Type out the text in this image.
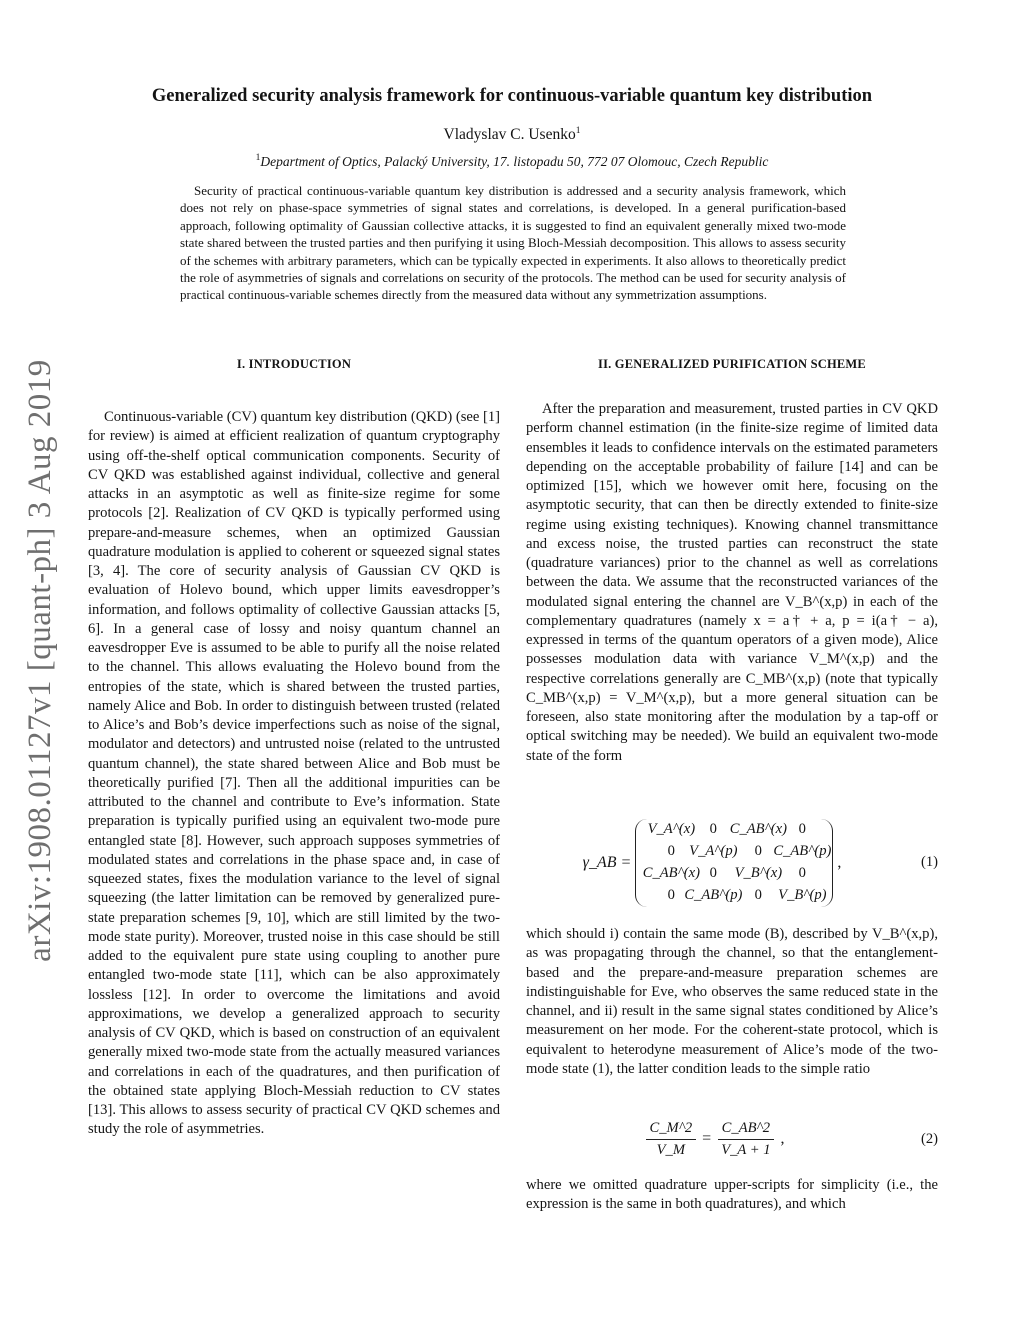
arXiv:1908.01127v1 [quant-ph] 3 Aug 2019
Generalized security analysis framework for continuous-variable quantum key distribution

Vladyslav C. Usenko$^1$

$^1$Department of Optics, Palacký University, 17. listopadu 50, 772 07 Olomouc, Czech Republic

Security of practical continuous-variable quantum key distribution is addressed and a security analysis framework, which does not rely on phase-space symmetries of signal states and correlations, is developed. In a general purification-based approach, following optimality of Gaussian collective attacks, it is suggested to find an equivalent generally mixed two-mode state shared between the trusted parties and then purifying it using Bloch-Messiah decomposition. This allows to assess security of the schemes with arbitrary parameters, which can be typically expected in experiments. It also allows to theoretically predict the role of asymmetries of signals and correlations on security of the protocols. The method can be used for security analysis of practical continuous-variable schemes directly from the measured data without any symmetrization assumptions.

I. INTRODUCTION

Continuous-variable (CV) quantum key distribution (QKD) (see [1] for review) is aimed at efficient realization of quantum cryptography using off-the-shelf optical communication components. Security of CV QKD was established against individual, collective and general attacks in an asymptotic as well as finite-size regime for some protocols [2]. Realization of CV QKD is typically performed using prepare-and-measure schemes, when an optimized Gaussian quadrature modulation is applied to coherent or squeezed signal states [3, 4]. The core of security analysis of Gaussian CV QKD is evaluation of Holevo bound, which upper limits eavesdropper’s information, and follows optimality of collective Gaussian attacks [5, 6]. In a general case of lossy and noisy quantum channel an eavesdropper Eve is assumed to be able to purify all the noise related to the channel. This allows evaluating the Holevo bound from the entropies of the state, which is shared between the trusted parties, namely Alice and Bob. In order to distinguish between trusted (related to Alice’s and Bob’s device imperfections such as noise of the signal, modulator and detectors) and untrusted noise (related to the untrusted quantum channel), the state shared between Alice and Bob must be theoretically purified [7]. Then all the additional impurities can be attributed to the channel and contribute to Eve’s information. State preparation is typically purified using an equivalent two-mode pure entangled state [8]. However, such approach supposes symmetries of modulated states and correlations in the phase space and, in case of squeezed states, fixes the modulation variance to the level of signal squeezing (the latter limitation can be removed by generalized pure-state preparation schemes [9, 10], which are still limited by the two-mode state purity). Moreover, trusted noise in this case should be still added to the equivalent pure state using coupling to another pure entangled two-mode state [11], which can be also approximately lossless [12]. In order to overcome the limitations and avoid approximations, we develop a generalized approach to security analysis of CV QKD, which is based on construction of an equivalent generally mixed two-mode state from the actually measured variances and correlations in each of the quadratures, and then purification of the obtained state applying Bloch-Messiah reduction to CV states [13]. This allows to assess security of practical CV QKD schemes and study the role of asymmetries.

II. GENERALIZED PURIFICATION SCHEME

After the preparation and measurement, trusted parties in CV QKD perform channel estimation (in the finite-size regime of limited data ensembles it leads to confidence intervals on the estimated parameters depending on the acceptable probability of failure [14] and can be optimized [15], which we however omit here, focusing on the asymptotic security, that can then be directly extended to finite-size regime using existing techniques). Knowing channel transmittance and excess noise, the trusted parties can reconstruct the state (quadrature variances) prior to the channel as well as correlations between the data. We assume that the reconstructed variances of the modulated signal entering the channel are V_B^(x,p) in each of the complementary quadratures (namely x = a† + a, p = i(a† − a), expressed in terms of the quantum operators of a given mode), Alice possesses modulation data with variance V_M^(x,p) and the respective correlations generally are C_MB^(x,p) (note that typically C_MB^(x,p) = V_M^(x,p), but a more general situation can be foreseen, also state monitoring after the modulation by a tap-off or optical switching may be needed). We build an equivalent two-mode state of the form

γ_AB =
V_A^(x) 0 C_AB^(x) 0
0 V_A^(p) 0 C_AB^(p)
C_AB^(x) 0 V_B^(x) 0
0 C_AB^(p) 0 V_B^(p)
,	(1)

which should i) contain the same mode (B), described by V_B^(x,p), as was propagating through the channel, so that the entanglement-based and the prepare-and-measure preparation schemes are indistinguishable for Eve, who observes the same reduced state in the channel, and ii) result in the same signal states conditioned by Alice’s measurement on her mode. For the coherent-state protocol, which is equivalent to heterodyne measurement of Alice’s mode of the two-mode state (1), the latter condition leads to the simple ratio

$\frac{C\_M\^{}2}{V\_M} = \frac{C\_AB\^{}2}{V\_A + 1}$ ,	(2)

where we omitted quadrature upper-scripts for simplicity (i.e., the expression is the same in both quadratures), and which
